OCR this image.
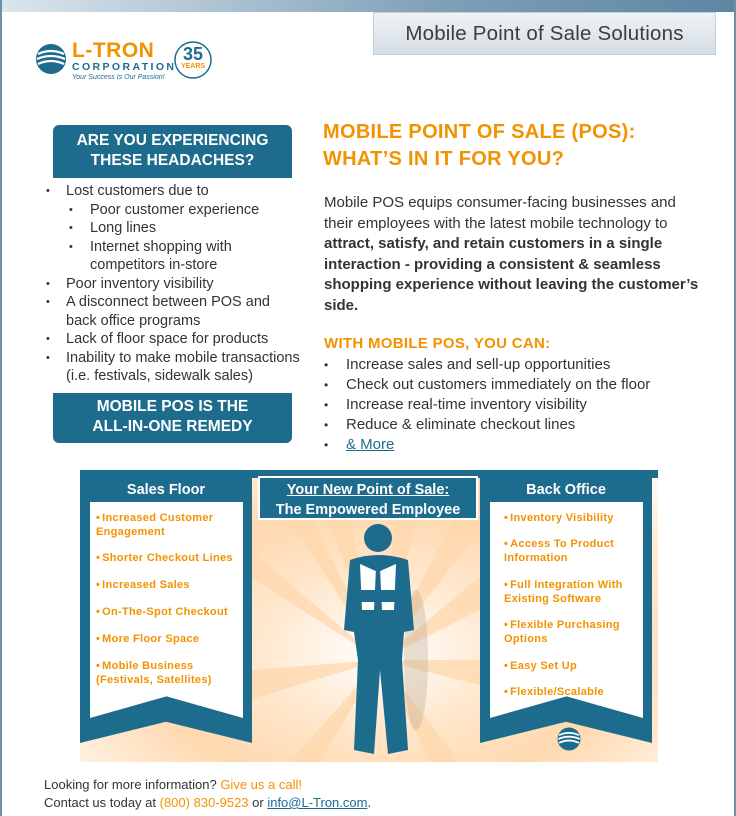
Mobile Point of Sale Solutions
L-TRON
CORPORATION
Your Success Is Our Passion!
35
YEARS
ARE YOU EXPERIENCING
THESE HEADACHES?
• Lost customers due to
• Poor customer experience
• Long lines
• Internet shopping with competitors in-store
• Poor inventory visibility
• A disconnect between POS and back office programs
• Lack of floor space for products
• Inability to make mobile transactions (i.e. festivals, sidewalk sales)
MOBILE POS IS THE
ALL-IN-ONE REMEDY
MOBILE POINT OF SALE (POS):
WHAT’S IN IT FOR YOU?

Mobile POS equips consumer-facing businesses and their employees with the latest mobile technology to attract, satisfy, and retain customers in a single interaction - providing a consistent & seamless shopping experience without leaving the customer’s side.

WITH MOBILE POS, YOU CAN:
• Increase sales and sell-up opportunities
• Check out customers immediately on the floor
• Increase real-time inventory visibility
• Reduce & eliminate checkout lines
• & More
Sales Floor	Back Office
Your New Point of Sale:
The Empowered Employee
• Increased Customer Engagement
• Shorter Checkout Lines
• Increased Sales
• On-The-Spot Checkout
• More Floor Space
• Mobile Business (Festivals, Satellites)
• Inventory Visibility
• Access To Product Information
• Full Integration With Existing Software
• Flexible Purchasing Options
• Easy Set Up
• Flexible/Scalable
Looking for more information? Give us a call!
Contact us today at (800) 830-9523 or info@L-Tron.com.
